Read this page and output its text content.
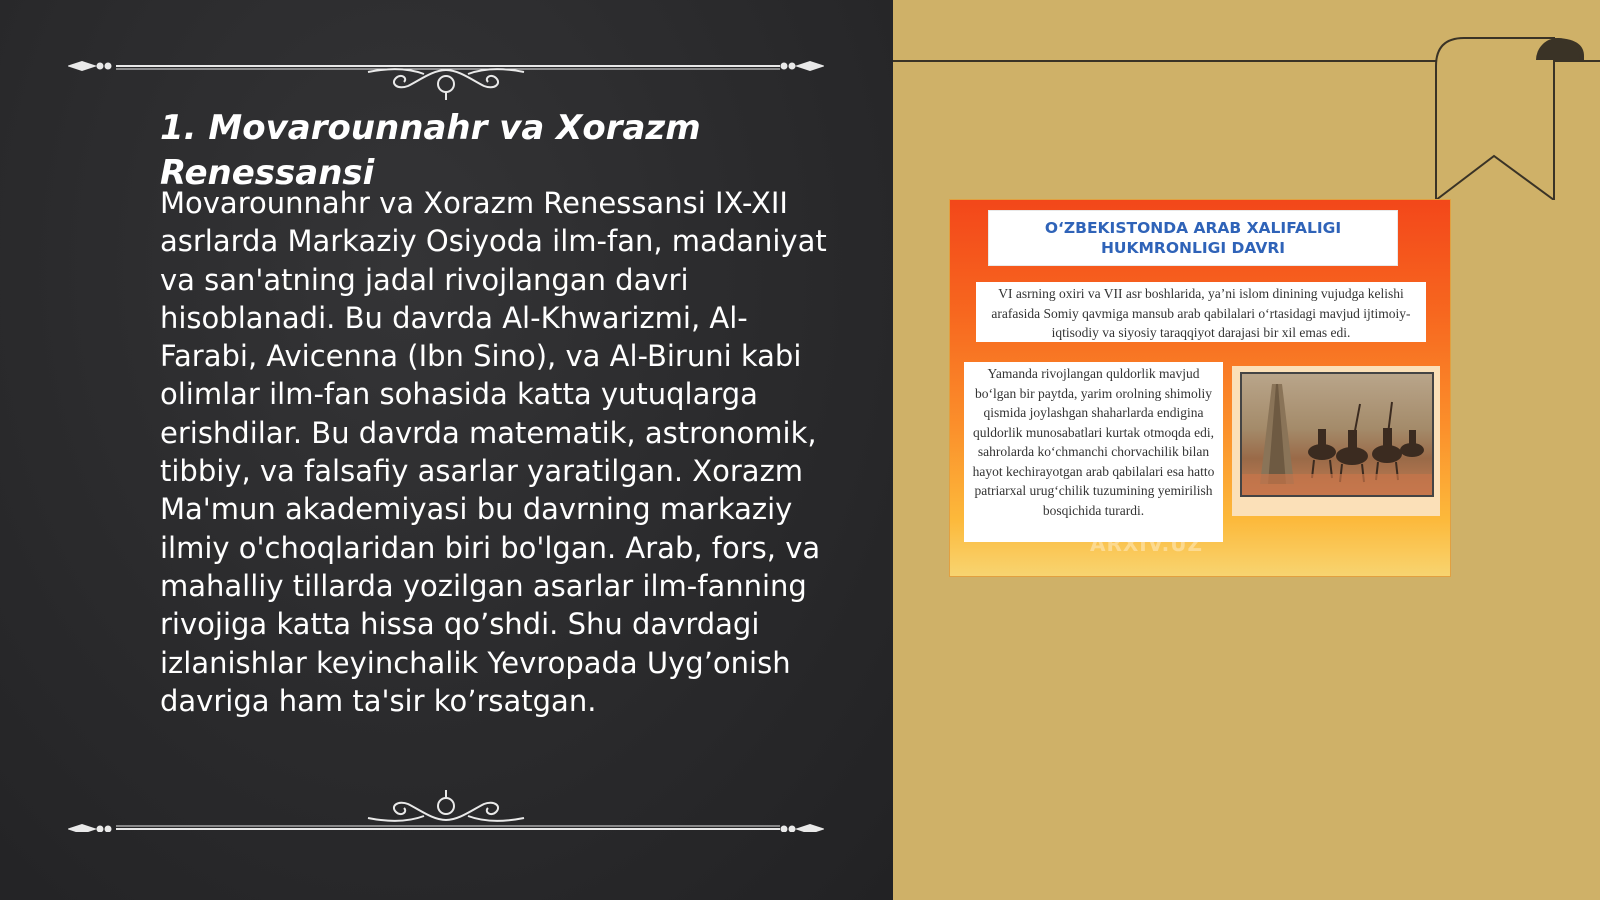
1. Movarounnahr va Xorazm Renessansi

Movarounnahr va Xorazm Renessansi IX-XII asrlarda Markaziy Osiyoda ilm-fan, madaniyat va san'atning jadal rivojlangan davri hisoblanadi. Bu davrda Al-Khwarizmi, Al-Farabi, Avicenna (Ibn Sino), va Al-Biruni kabi olimlar ilm-fan sohasida katta yutuqlarga erishdilar. Bu davrda matematik, astronomik, tibbiy, va falsafiy asarlar yaratilgan. Xorazm Ma'mun akademiyasi bu davrning markaziy ilmiy o'choqlaridan biri bo'lgan. Arab, fors, va mahalliy tillarda yozilgan asarlar ilm-fanning rivojiga katta hissa qo’shdi. Shu davrdagi izlanishlar keyinchalik Yevropada Uyg’onish davriga ham ta'sir ko’rsatgan.

O‘ZBEKISTONDA ARAB XALIFALIGI HUKMRONLIGI DAVRI
VI asrning oxiri va VII asr boshlarida, ya’ni islom dinining vujudga kelishi arafasida Somiy qavmiga mansub arab qabilalari o‘rtasidagi mavjud ijtimoiy-iqtisodiy va siyosiy taraqqiyot darajasi bir xil emas edi.
Yamanda rivojlangan quldorlik mavjud bo‘lgan bir paytda, yarim orolning shimoliy qismida joylashgan shaharlarda endigina quldorlik munosabatlari kurtak otmoqda edi, sahrolarda ko‘chmanchi chorvachilik bilan hayot kechirayotgan arab qabilalari esa hatto patriarxal urug‘chilik tuzumining yemirilish bosqichida turardi.
ARXIV.UZ
